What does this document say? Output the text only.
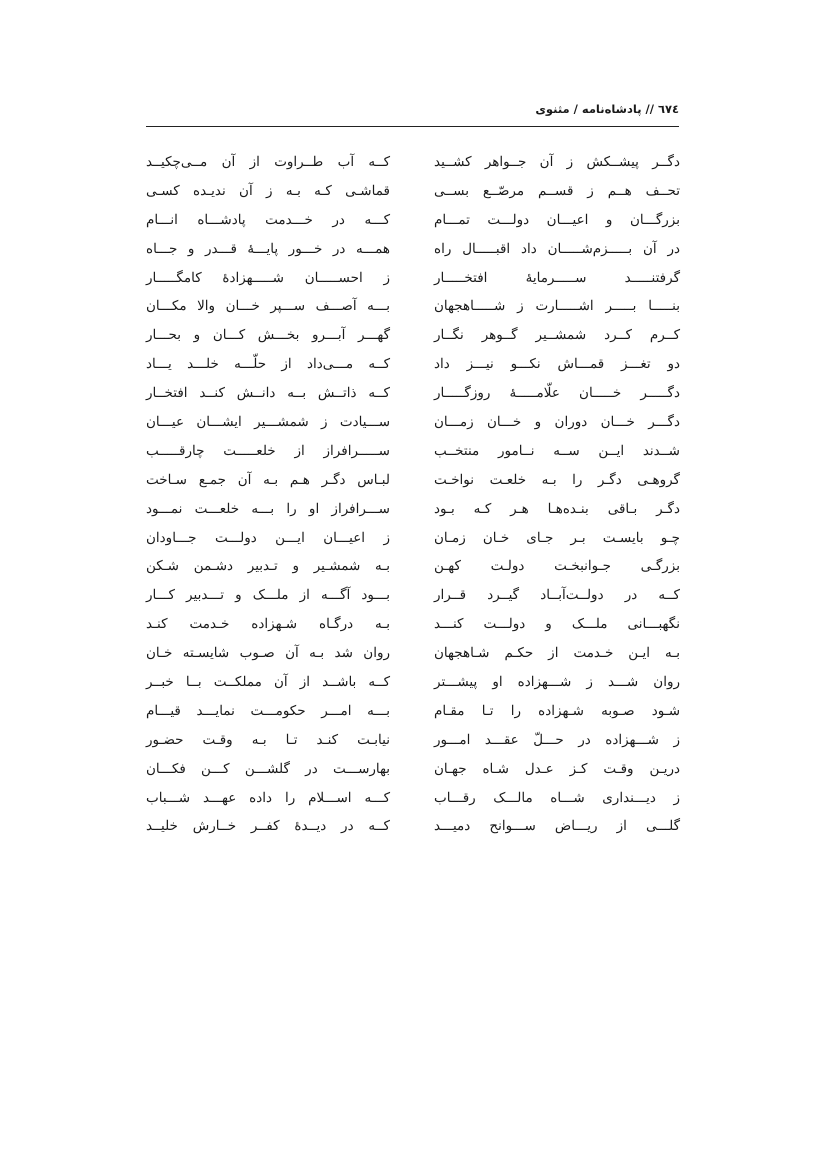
٦٧٤ // پادشاه‌نامه / مثنوی
دگــر پیشــکش ز آن جــواهر کشــید
تحــف هــم ز قســم مرصّــع بســی
بزرگـــان و اعیـــان دولـــت تمـــام
در آن بـــــزم‌شـــــان داد اقبـــــال راه
گرفتنـــــد ســـــرمایهٔ افتخـــــار
بنـــــا بـــــر اشـــــارت ز شـــــاهجهان
کــرم کــرد شمشــیر گــوهر نگــار
دو تغـــز قمـــاش نکـــو نیـــز داد
دگـــــر خـــــان علّامـــــهٔ روزگـــــار
دگـــر خـــان دوران و خـــان زمـــان
شــدند ایــن ســه نــامور منتخــب
گروهـی دگـر را بـه خلعـت نواخـت
دگـر بـاقی بنـده‌هـا هـر کـه بـود
چـو بایسـت بـر جـای خـان زمـان
بزرگـی جـوانبخـت دولـت کهـن
کــه در دولــت‌آبــاد گیــرد قــرار
نگهبـــانی ملـــک و دولـــت کنـــد
بـه ایـن خـدمت از حکـم شـاهجهان
روان شـــد ز شـــهزاده او پیشـــتر
شـود صـوبه شـهزاده را تـا مقـام
ز شـــهزاده در حـــلّ عقـــد امـــور
دریـن وقـت کـز عـدل شـاه جهـان
ز دیـــنداری شـــاه مالـــک رقـــاب
گلـــی از ریـــاض ســـوانح دمیـــد
کــه آب طــراوت از آن مــی‌چکیــد
قماشـی کـه بـه ز آن ندیـده کسـی
کـــه در خـــدمت پادشـــاه انـــام
همـــه در خـــور پایـــهٔ قـــدر و جـــاه
ز احســـــان شـــــهزادهٔ کامگـــــار
بـــه آصـــف ســـپر خـــان والا مکـــان
گهـــر آبـــرو بخـــش کـــان و بحـــار
کــه مـــی‌داد از حلّـــه خلـــد یـــاد
کــه ذاتــش بــه دانــش کنــد افتخــار
ســـیادت ز شمشـــیر ایشـــان عیـــان
ســـــرافراز از خلعـــــت چارقـــــب
لبـاس دگـر هـم بـه آن جمـع سـاخت
ســـرافراز او را بـــه خلعـــت نمـــود
ز اعیـــان ایـــن دولـــت جـــاودان
بـه شمشـیر و تـدبیر دشـمن شـکن
بـــود آگـــه از ملـــک و تـــدبیر کـــار
بـه درگـاه شـهزاده خـدمت کنـد
روان شد بـه آن صـوب شایسـته خـان
کــه باشــد از آن مملکــت بــا خبــر
بـــه امـــر حکومـــت نمایـــد قیـــام
نیابـت کنـد تـا بـه وقـت حضـور
بهارســـت در گلشـــن کـــن فکـــان
کـــه اســـلام را داده عهـــد شـــباب
کــه در دیــدهٔ کفــر خــارش خلیــد
